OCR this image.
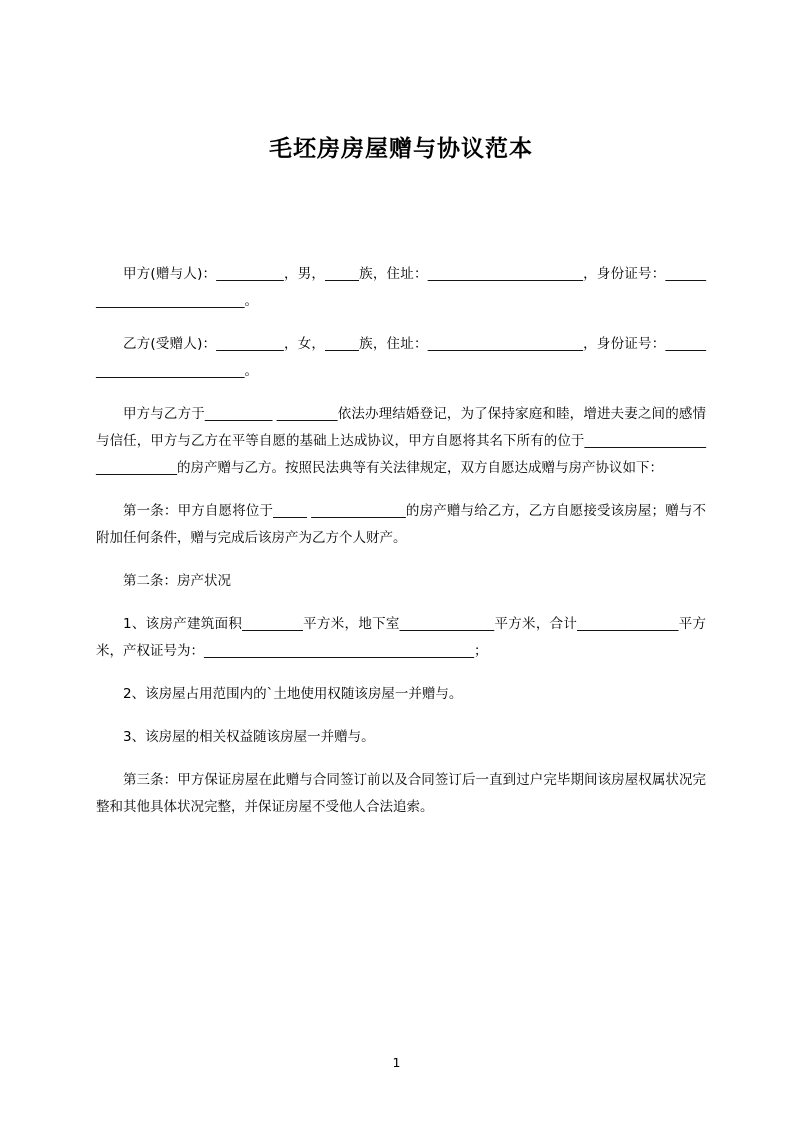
毛坯房房屋赠与协议范本

甲方(赠与人)：__________，男，_____族，住址：_______________________，身份证号：____________________________。

乙方(受赠人)：__________，女，_____族，住址：_______________________，身份证号：____________________________。

甲方与乙方于__________ _________依法办理结婚登记，为了保持家庭和睦，增进夫妻之间的感情与信任，甲方与乙方在平等自愿的基础上达成协议，甲方自愿将其名下所有的位于______________________________的房产赠与乙方。按照民法典等有关法律规定，双方自愿达成赠与房产协议如下：

第一条：甲方自愿将位于_____ ______________的房产赠与给乙方，乙方自愿接受该房屋；赠与不附加任何条件，赠与完成后该房产为乙方个人财产。

第二条：房产状况

1、该房产建筑面积_________平方米，地下室______________平方米，合计_______________平方米，产权证号为：________________________________________；

2、该房屋占用范围内的`土地使用权随该房屋一并赠与。

3、该房屋的相关权益随该房屋一并赠与。

第三条：甲方保证房屋在此赠与合同签订前以及合同签订后一直到过户完毕期间该房屋权属状况完整和其他具体状况完整，并保证房屋不受他人合法追索。

1
